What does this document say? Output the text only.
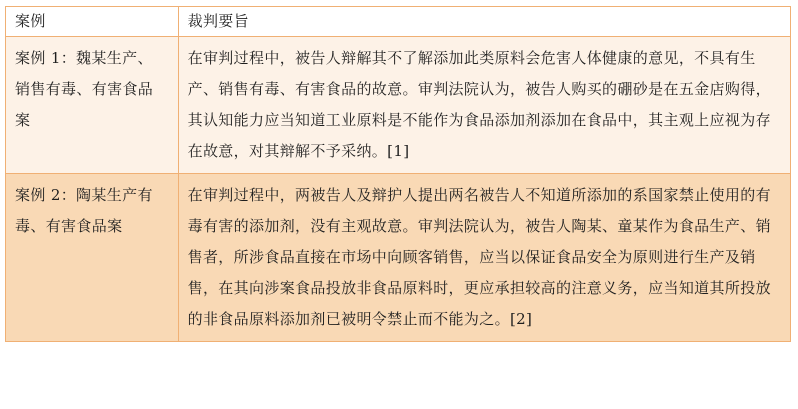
案例	裁判要旨

案例 1：魏某生产、销售有毒、有害食品案	在审判过程中，被告人辩解其不了解添加此类原料会危害人体健康的意见，不具有生产、销售有毒、有害食品的故意。审判法院认为，被告人购买的硼砂是在五金店购得，其认知能力应当知道工业原料是不能作为食品添加剂添加在食品中，其主观上应视为存在故意，对其辩解不予采纳。[1]

案例 2：陶某生产有毒、有害食品案	在审判过程中，两被告人及辩护人提出两名被告人不知道所添加的系国家禁止使用的有毒有害的添加剂，没有主观故意。审判法院认为，被告人陶某、童某作为食品生产、销售者，所涉食品直接在市场中向顾客销售，应当以保证食品安全为原则进行生产及销售，在其向涉案食品投放非食品原料时，更应承担较高的注意义务，应当知道其所投放的非食品原料添加剂已被明令禁止而不能为之。[2]
